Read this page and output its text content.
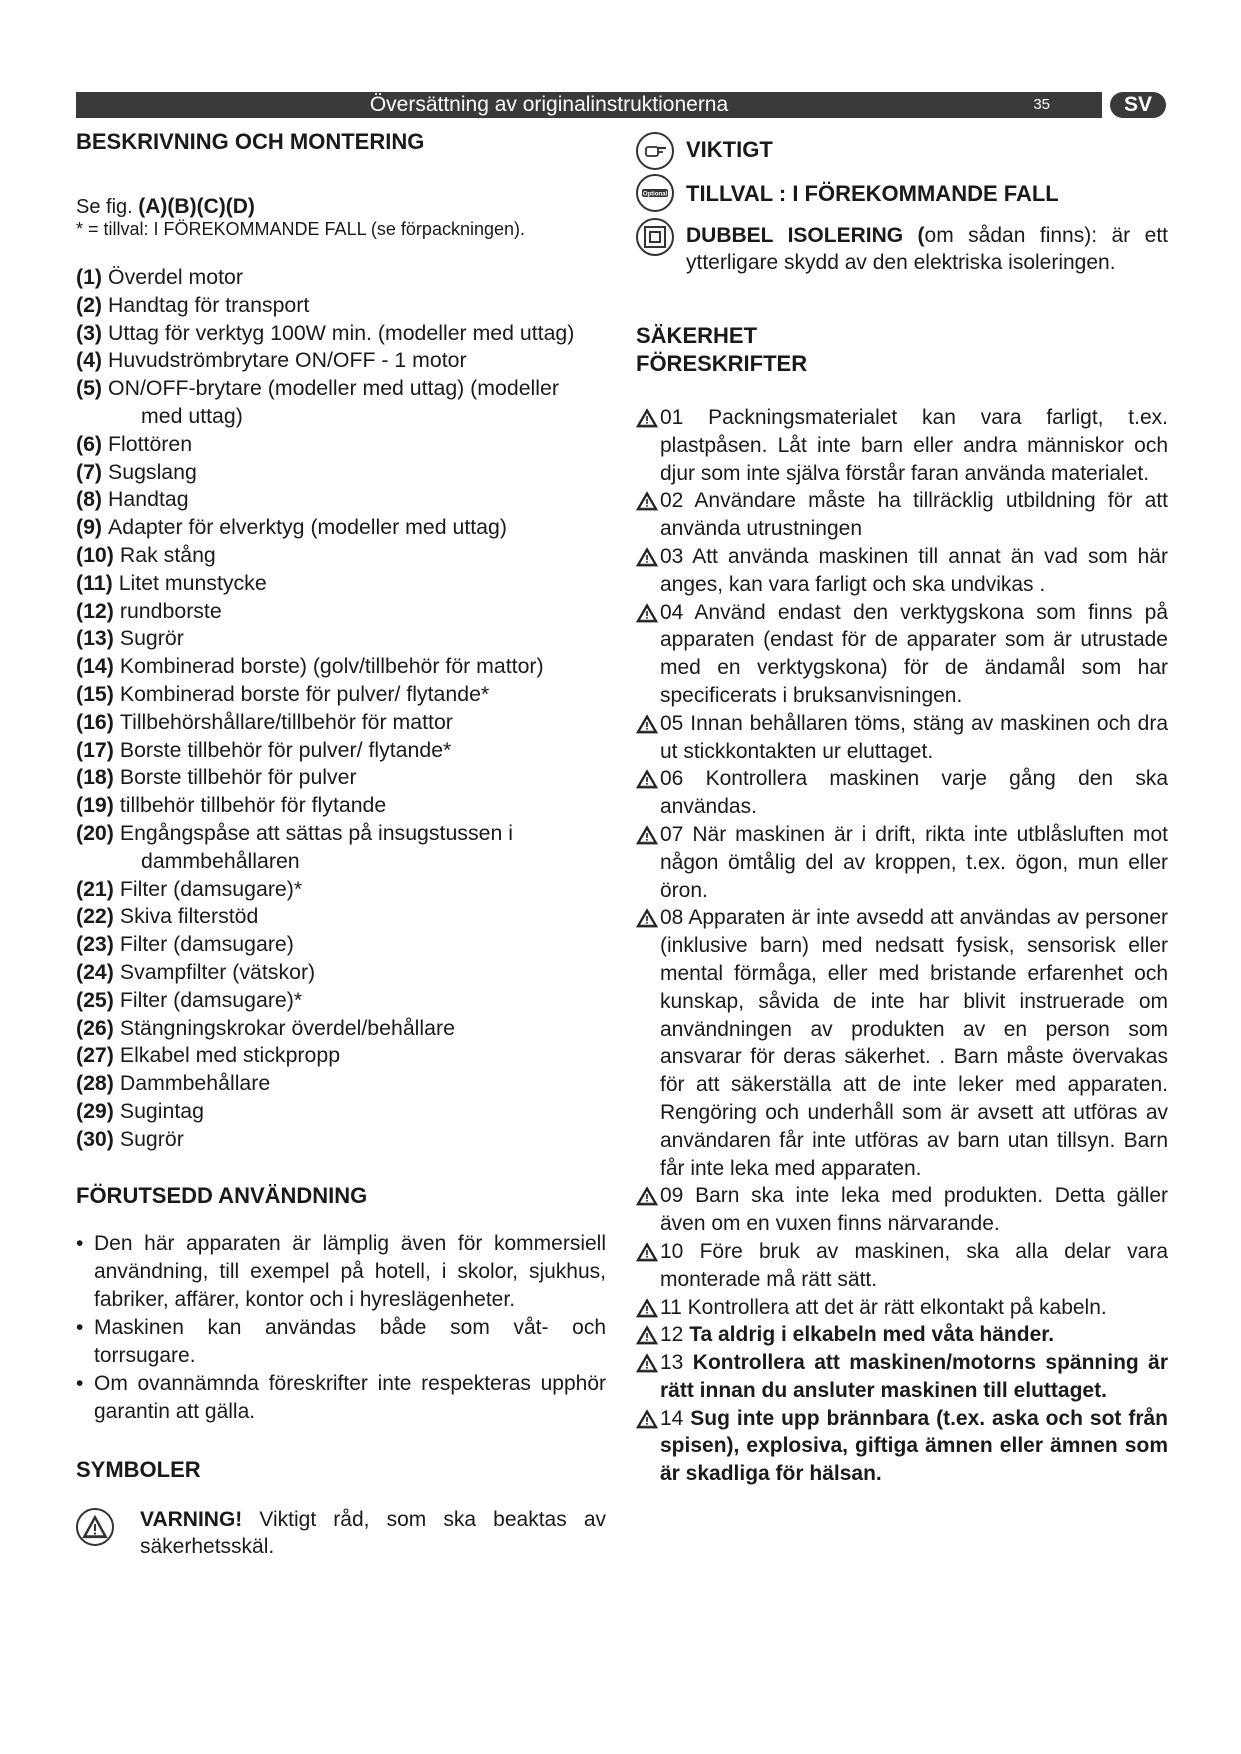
Översättning av originalinstruktionerna	35	SV
BESKRIVNING OCH MONTERING
Se fig. (A)(B)(C)(D)
* = tillval: I FÖREKOMMANDE FALL (se förpackningen).
(1) Överdel motor
(2) Handtag för transport
(3) Uttag för verktyg 100W min. (modeller med uttag)
(4) Huvudströmbrytare ON/OFF - 1 motor
(5) ON/OFF-brytare (modeller med uttag) (modeller med uttag)
(6) Flottören
(7) Sugslang
(8) Handtag
(9) Adapter för elverktyg (modeller med uttag)
(10) Rak stång
(11) Litet munstycke
(12) rundborste
(13) Sugrör
(14) Kombinerad borste) (golv/tillbehör för mattor)
(15) Kombinerad borste för pulver/ flytande*
(16) Tillbehörshållare/tillbehör för mattor
(17) Borste tillbehör för pulver/ flytande*
(18) Borste tillbehör för pulver
(19) tillbehör tillbehör för flytande
(20) Engångspåse att sättas på insugstussen i dammbehållaren
(21) Filter (damsugare)*
(22) Skiva filterstöd
(23) Filter (damsugare)
(24) Svampfilter (vätskor)
(25) Filter (damsugare)*
(26) Stängningskrokar överdel/behållare
(27) Elkabel med stickpropp
(28) Dammbehållare
(29) Sugintag
(30) Sugrör
FÖRUTSEDD ANVÄNDNING
• Den här apparaten är lämplig även för kommersiell användning, till exempel på hotell, i skolor, sjukhus, fabriker, affärer, kontor och i hyreslägenheter.
• Maskinen kan användas både som våt- och torrsugare.
• Om ovannämnda föreskrifter inte respekteras upphör garantin att gälla.
SYMBOLER
VARNING! Viktigt råd, som ska beaktas av säkerhetsskäl.
VIKTIGT
Optional TILLVAL : I FÖREKOMMANDE FALL
DUBBEL ISOLERING (om sådan finns): är ett ytterligare skydd av den elektriska isoleringen.
SÄKERHET
FÖRESKRIFTER
01 Packningsmaterialet kan vara farligt, t.ex. plastpåsen. Låt inte barn eller andra människor och djur som inte själva förstår faran använda materialet.
02 Användare måste ha tillräcklig utbildning för att använda utrustningen
03 Att använda maskinen till annat än vad som här anges, kan vara farligt och ska undvikas .
04 Använd endast den verktygskona som finns på apparaten (endast för de apparater som är utrustade med en verktygskona) för de ändamål som har specificerats i bruksanvisningen.
05 Innan behållaren töms, stäng av maskinen och dra ut stickkontakten ur eluttaget.
06 Kontrollera maskinen varje gång den ska användas.
07 När maskinen är i drift, rikta inte utblåsluften mot någon ömtålig del av kroppen, t.ex. ögon, mun eller öron.
08 Apparaten är inte avsedd att användas av personer (inklusive barn) med nedsatt fysisk, sensorisk eller mental förmåga, eller med bristande erfarenhet och kunskap, såvida de inte har blivit instruerade om användningen av produkten av en person som ansvarar för deras säkerhet. . Barn måste övervakas för att säkerställa att de inte leker med apparaten. Rengöring och underhåll som är avsett att utföras av användaren får inte utföras av barn utan tillsyn. Barn får inte leka med apparaten.
09 Barn ska inte leka med produkten. Detta gäller även om en vuxen finns närvarande.
10 Före bruk av maskinen, ska alla delar vara monterade må rätt sätt.
11 Kontrollera att det är rätt elkontakt på kabeln.
12 Ta aldrig i elkabeln med våta händer.
13 Kontrollera att maskinen/motorns spänning är rätt innan du ansluter maskinen till eluttaget.
14 Sug inte upp brännbara (t.ex. aska och sot från spisen), explosiva, giftiga ämnen eller ämnen som är skadliga för hälsan.
